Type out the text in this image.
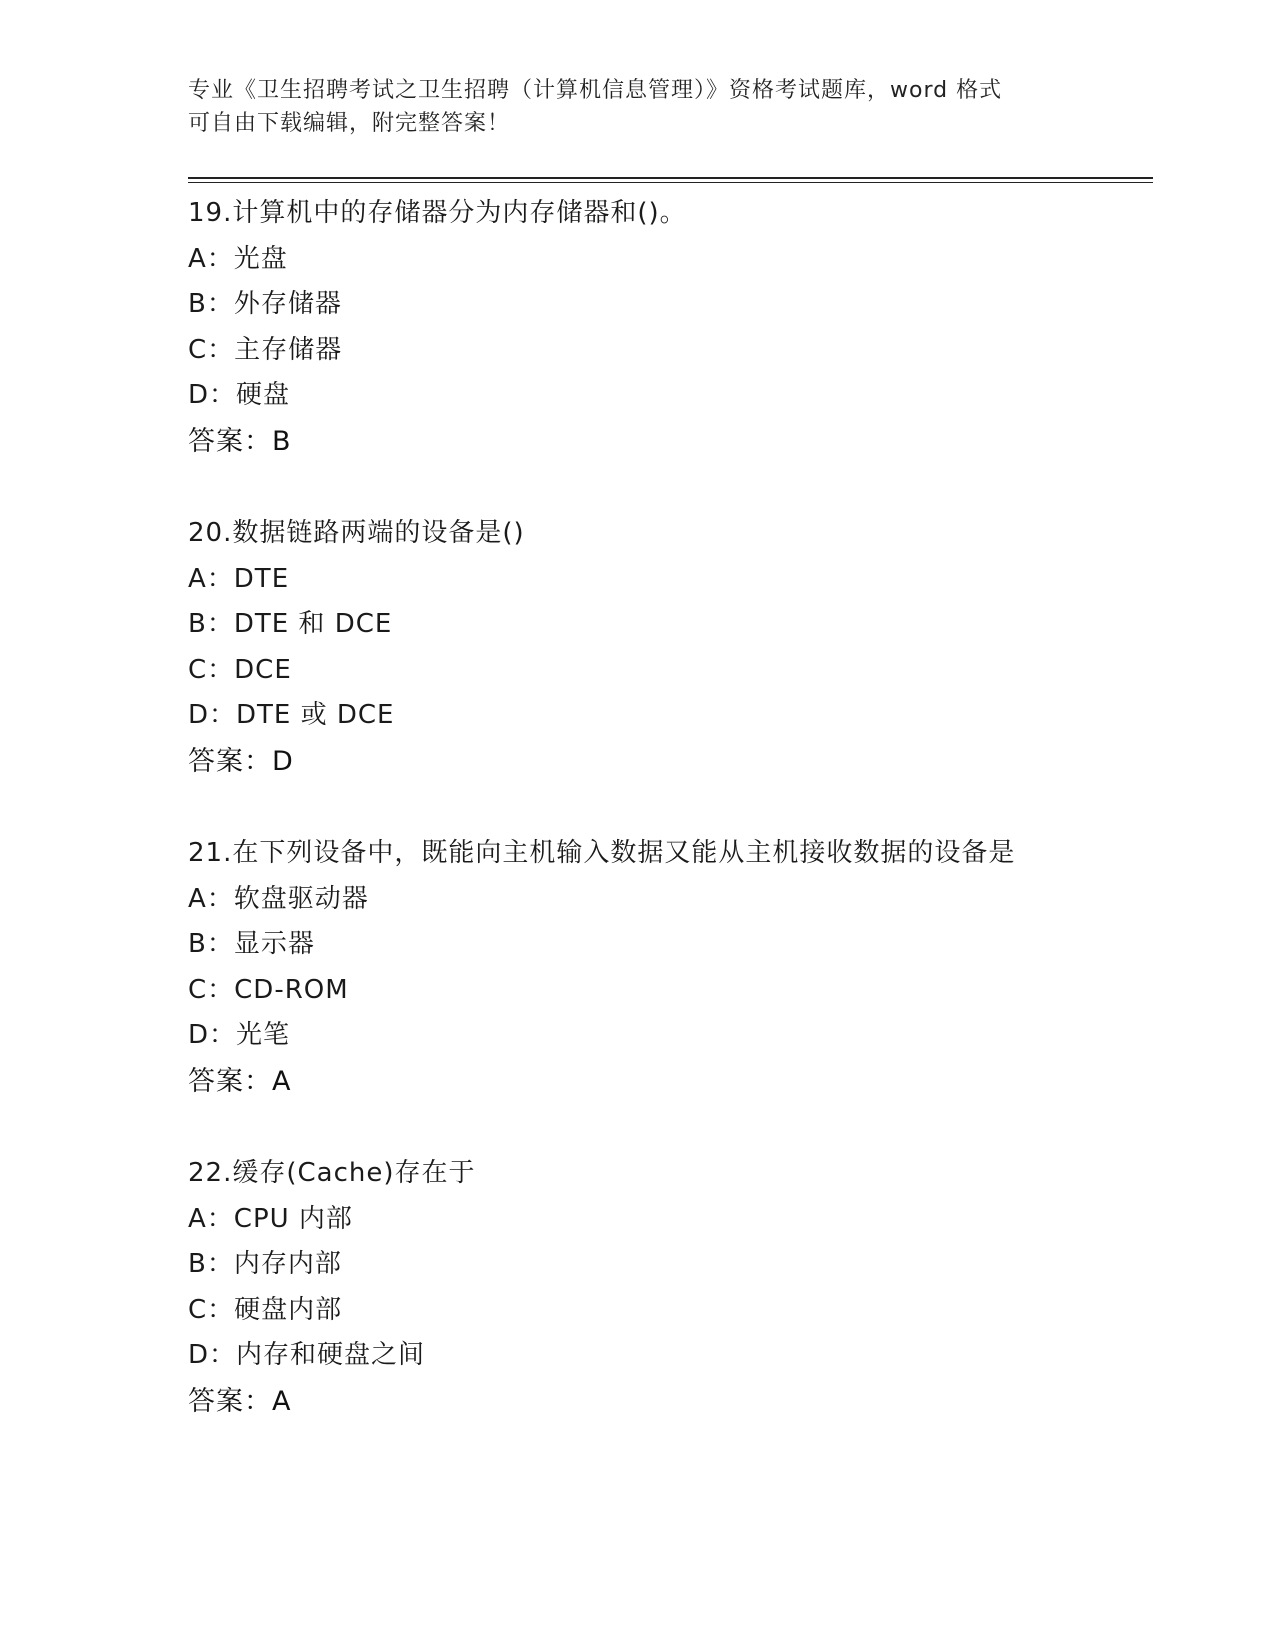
专业《卫生招聘考试之卫生招聘（计算机信息管理）》资格考试题库，word 格式
可自由下载编辑，附完整答案！
19.计算机中的存储器分为内存储器和()。
A：光盘
B：外存储器
C：主存储器
D：硬盘
答案：B
20.数据链路两端的设备是()
A：DTE
B：DTE 和 DCE
C：DCE
D：DTE 或 DCE
答案：D
21.在下列设备中，既能向主机输入数据又能从主机接收数据的设备是
A：软盘驱动器
B：显示器
C：CD-ROM
D：光笔
答案：A
22.缓存(Cache)存在于
A：CPU 内部
B：内存内部
C：硬盘内部
D：内存和硬盘之间
答案：A
